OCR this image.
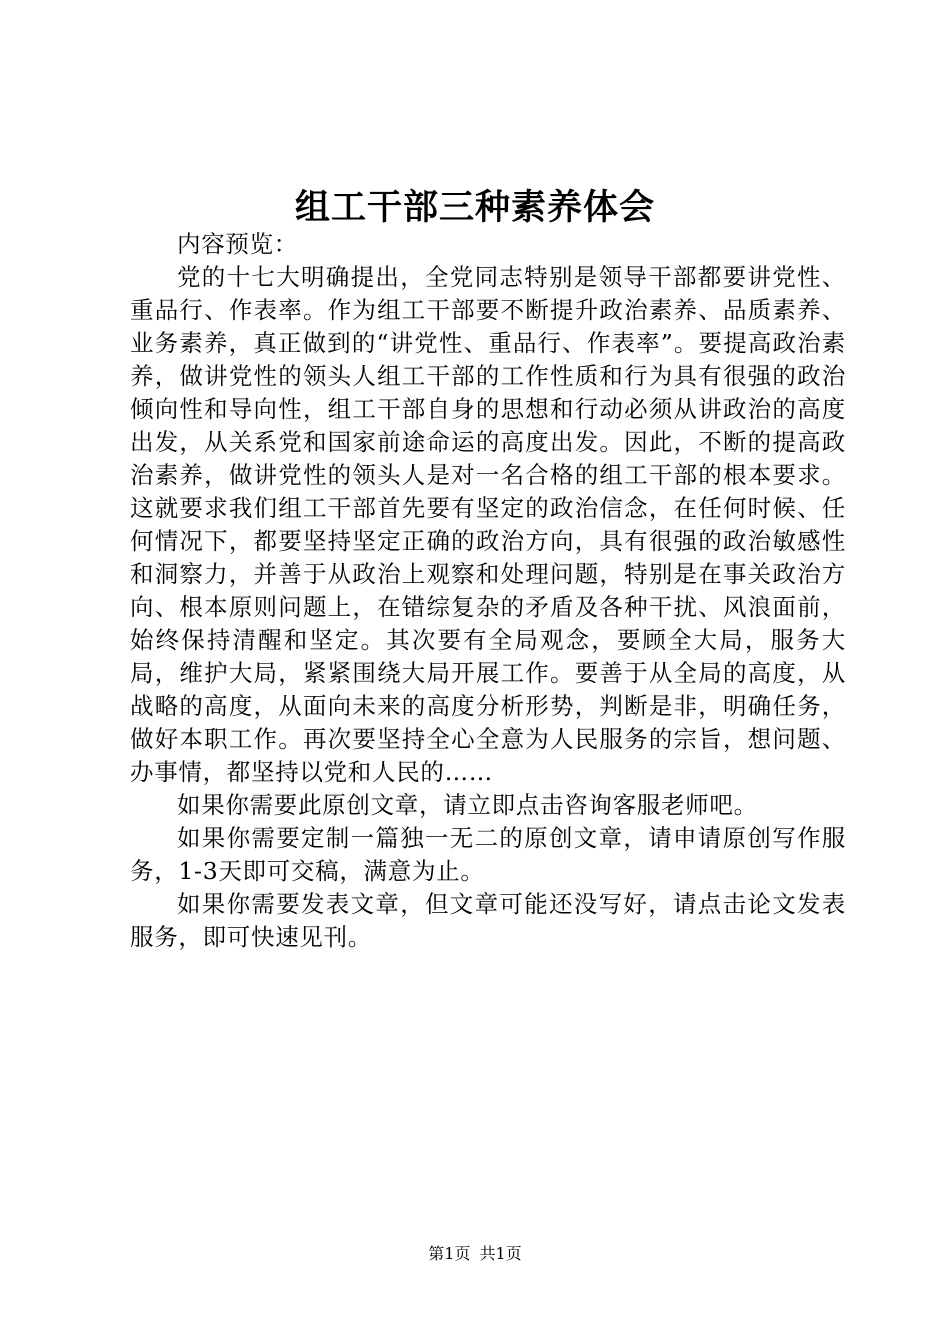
组工干部三种素养体会

内容预览：

党的十七大明确提出，全党同志特别是领导干部都要讲党性、重品行、作表率。作为组工干部要不断提升政治素养、品质素养、业务素养，真正做到的“讲党性、重品行、作表率”。要提高政治素养，做讲党性的领头人组工干部的工作性质和行为具有很强的政治倾向性和导向性，组工干部自身的思想和行动必须从讲政治的高度出发，从关系党和国家前途命运的高度出发。因此，不断的提高政治素养，做讲党性的领头人是对一名合格的组工干部的根本要求。这就要求我们组工干部首先要有坚定的政治信念，在任何时候、任何情况下，都要坚持坚定正确的政治方向，具有很强的政治敏感性和洞察力，并善于从政治上观察和处理问题，特别是在事关政治方向、根本原则问题上，在错综复杂的矛盾及各种干扰、风浪面前，始终保持清醒和坚定。其次要有全局观念，要顾全大局，服务大局，维护大局，紧紧围绕大局开展工作。要善于从全局的高度，从战略的高度，从面向未来的高度分析形势，判断是非，明确任务，做好本职工作。再次要坚持全心全意为人民服务的宗旨，想问题、办事情，都坚持以党和人民的……

如果你需要此原创文章，请立即点击咨询客服老师吧。

如果你需要定制一篇独一无二的原创文章，请申请原创写作服务，1-3天即可交稿，满意为止。

如果你需要发表文章，但文章可能还没写好，请点击论文发表服务，即可快速见刊。

第1页 共1页
